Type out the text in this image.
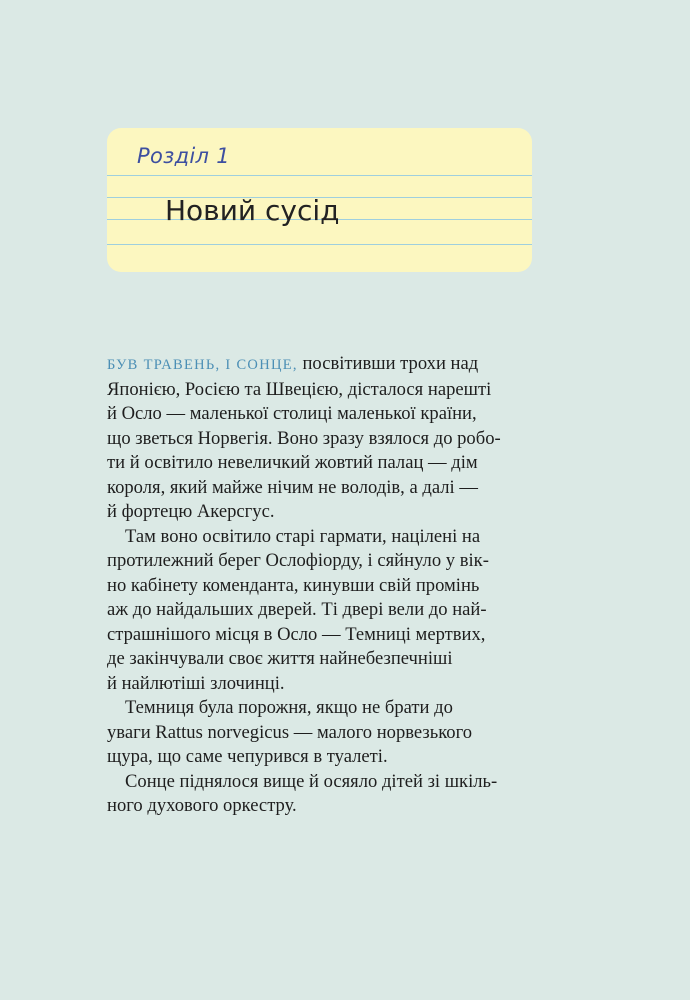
Розділ 1
Новий сусід
БУВ ТРАВЕНЬ, І СОНЦЕ, посвітивши трохи над
Японією, Росією та Швецією, дісталося нарешті
й Осло — маленької столиці маленької країни,
що зветься Норвегія. Воно зразу взялося до робо-
ти й освітило невеличкий жовтий палац — дім
короля, який майже нічим не володів, а далі —
й фортецю Акерсгус.
Там воно освітило старі гармати, націлені на
протилежний берег Ослофіорду, і сяйнуло у вік-
но кабінету коменданта, кинувши свій промінь
аж до найдальших дверей. Ті двері вели до най-
страшнішого місця в Осло — Темниці мертвих,
де закінчували своє життя найнебезпечніші
й найлютіші злочинці.
Темниця була порожня, якщо не брати до
уваги Rattus norvegicus — малого норвезького
щура, що саме чепурився в туалеті.
Сонце піднялося вище й осяяло дітей зі шкіль-
ного духового оркестру.
